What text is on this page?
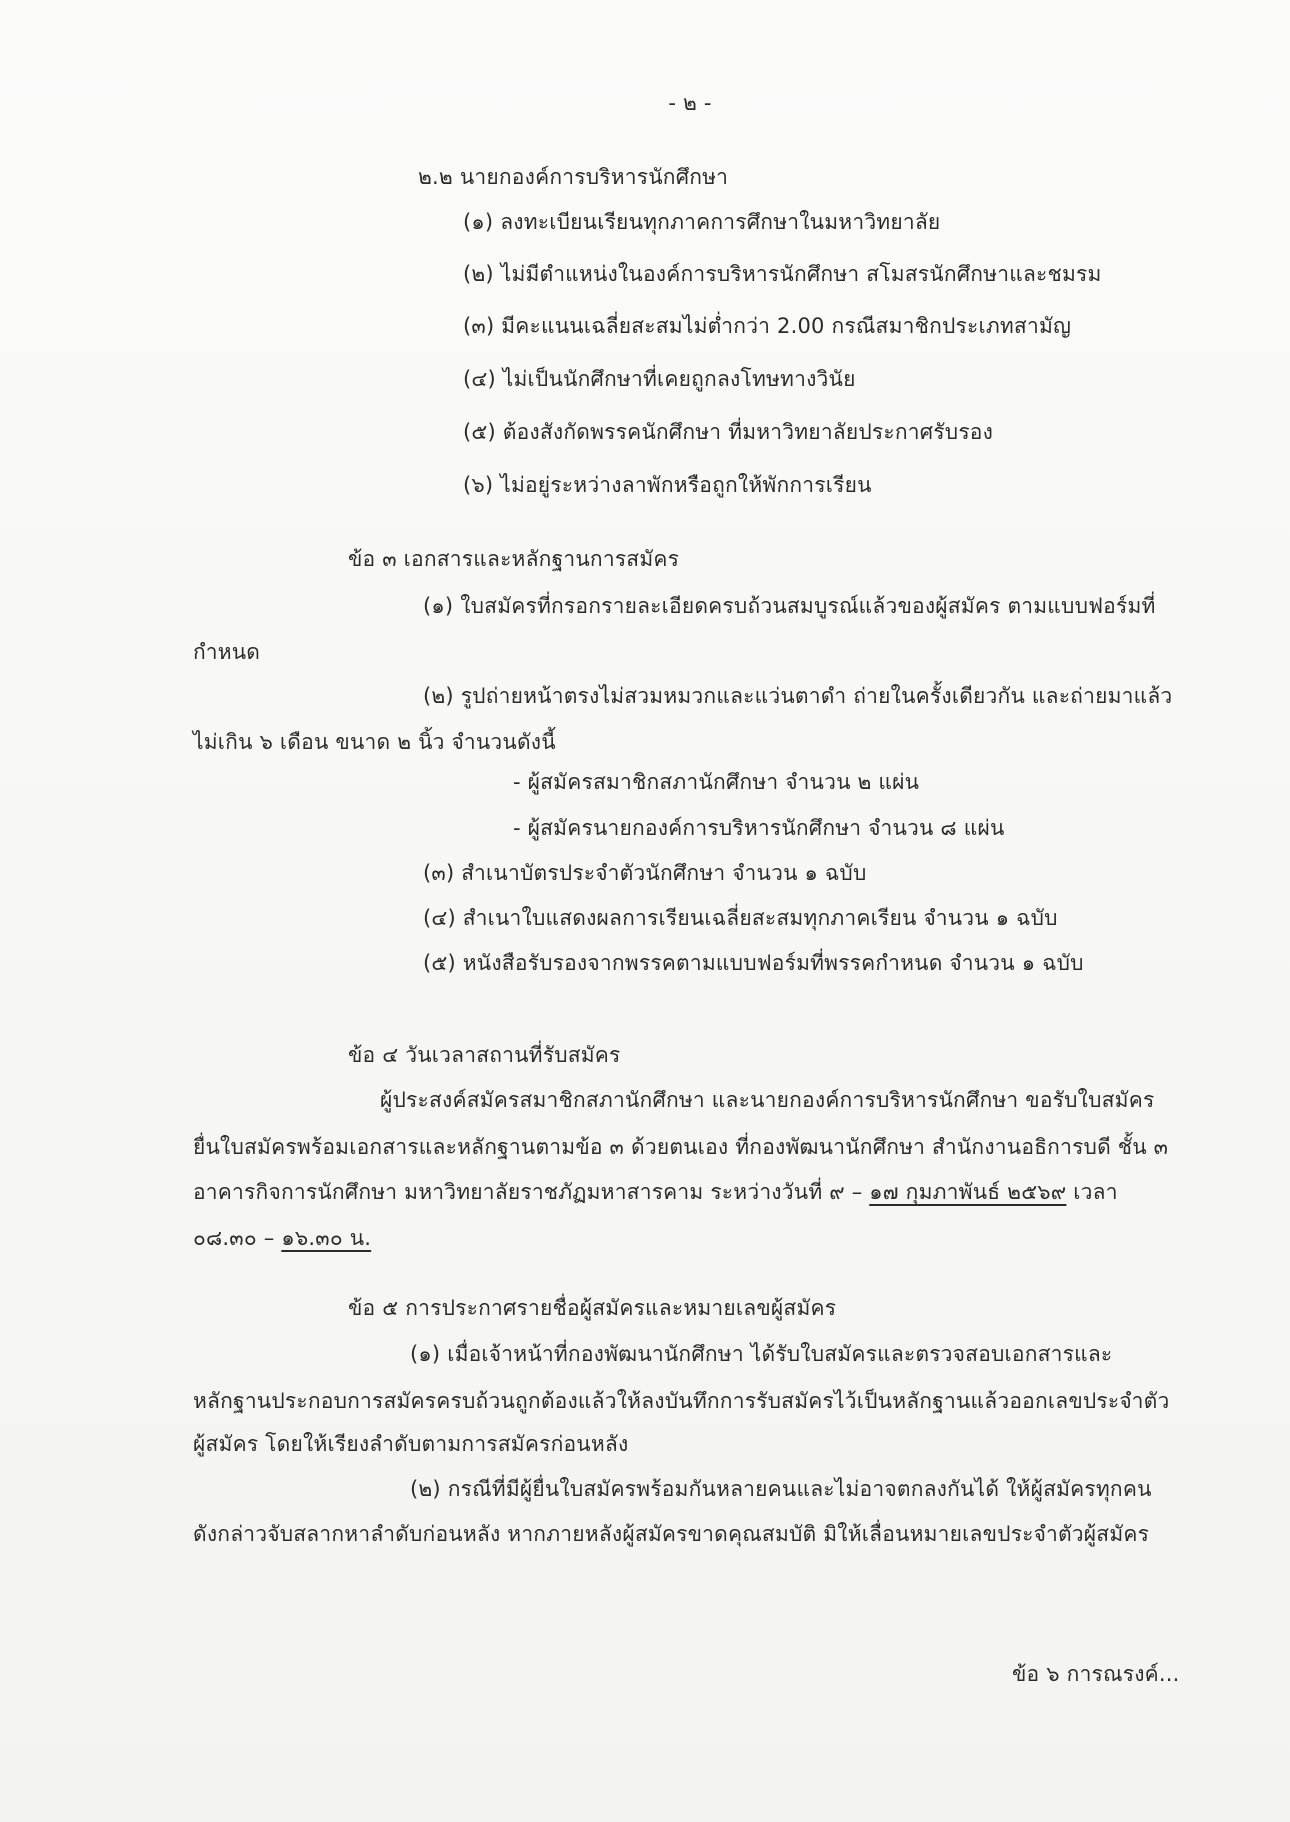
- ๒ -
๒.๒ นายกองค์การบริหารนักศึกษา
(๑) ลงทะเบียนเรียนทุกภาคการศึกษาในมหาวิทยาลัย
(๒) ไม่มีตำแหน่งในองค์การบริหารนักศึกษา สโมสรนักศึกษาและชมรม
(๓) มีคะแนนเฉลี่ยสะสมไม่ต่ำกว่า 2.00 กรณีสมาชิกประเภทสามัญ
(๔) ไม่เป็นนักศึกษาที่เคยถูกลงโทษทางวินัย
(๕) ต้องสังกัดพรรคนักศึกษา ที่มหาวิทยาลัยประกาศรับรอง
(๖) ไม่อยู่ระหว่างลาพักหรือถูกให้พักการเรียน
ข้อ ๓ เอกสารและหลักฐานการสมัคร
(๑) ใบสมัครที่กรอกรายละเอียดครบถ้วนสมบูรณ์แล้วของผู้สมัคร ตามแบบฟอร์มที่
กำหนด
(๒) รูปถ่ายหน้าตรงไม่สวมหมวกและแว่นตาดำ ถ่ายในครั้งเดียวกัน และถ่ายมาแล้ว
ไม่เกิน ๖ เดือน ขนาด ๒ นิ้ว จำนวนดังนี้
- ผู้สมัครสมาชิกสภานักศึกษา จำนวน ๒ แผ่น
- ผู้สมัครนายกองค์การบริหารนักศึกษา จำนวน ๘ แผ่น
(๓) สำเนาบัตรประจำตัวนักศึกษา จำนวน ๑ ฉบับ
(๔) สำเนาใบแสดงผลการเรียนเฉลี่ยสะสมทุกภาคเรียน จำนวน ๑ ฉบับ
(๕) หนังสือรับรองจากพรรคตามแบบฟอร์มที่พรรคกำหนด จำนวน ๑ ฉบับ
ข้อ ๔ วันเวลาสถานที่รับสมัคร
ผู้ประสงค์สมัครสมาชิกสภานักศึกษา และนายกองค์การบริหารนักศึกษา ขอรับใบสมัคร
ยื่นใบสมัครพร้อมเอกสารและหลักฐานตามข้อ ๓ ด้วยตนเอง ที่กองพัฒนานักศึกษา สำนักงานอธิการบดี ชั้น ๓
อาคารกิจการนักศึกษา มหาวิทยาลัยราชภัฏมหาสารคาม ระหว่างวันที่ ๙ – ๑๗ กุมภาพันธ์ ๒๕๖๙ เวลา
๐๘.๓๐ – ๑๖.๓๐ น.
ข้อ ๕ การประกาศรายชื่อผู้สมัครและหมายเลขผู้สมัคร
(๑) เมื่อเจ้าหน้าที่กองพัฒนานักศึกษา ได้รับใบสมัครและตรวจสอบเอกสารและ
หลักฐานประกอบการสมัครครบถ้วนถูกต้องแล้วให้ลงบันทึกการรับสมัครไว้เป็นหลักฐานแล้วออกเลขประจำตัว
ผู้สมัคร โดยให้เรียงลำดับตามการสมัครก่อนหลัง
(๒) กรณีที่มีผู้ยื่นใบสมัครพร้อมกันหลายคนและไม่อาจตกลงกันได้ ให้ผู้สมัครทุกคน
ดังกล่าวจับสลากหาลำดับก่อนหลัง หากภายหลังผู้สมัครขาดคุณสมบัติ มิให้เลื่อนหมายเลขประจำตัวผู้สมัคร
ข้อ ๖ การณรงค์...
